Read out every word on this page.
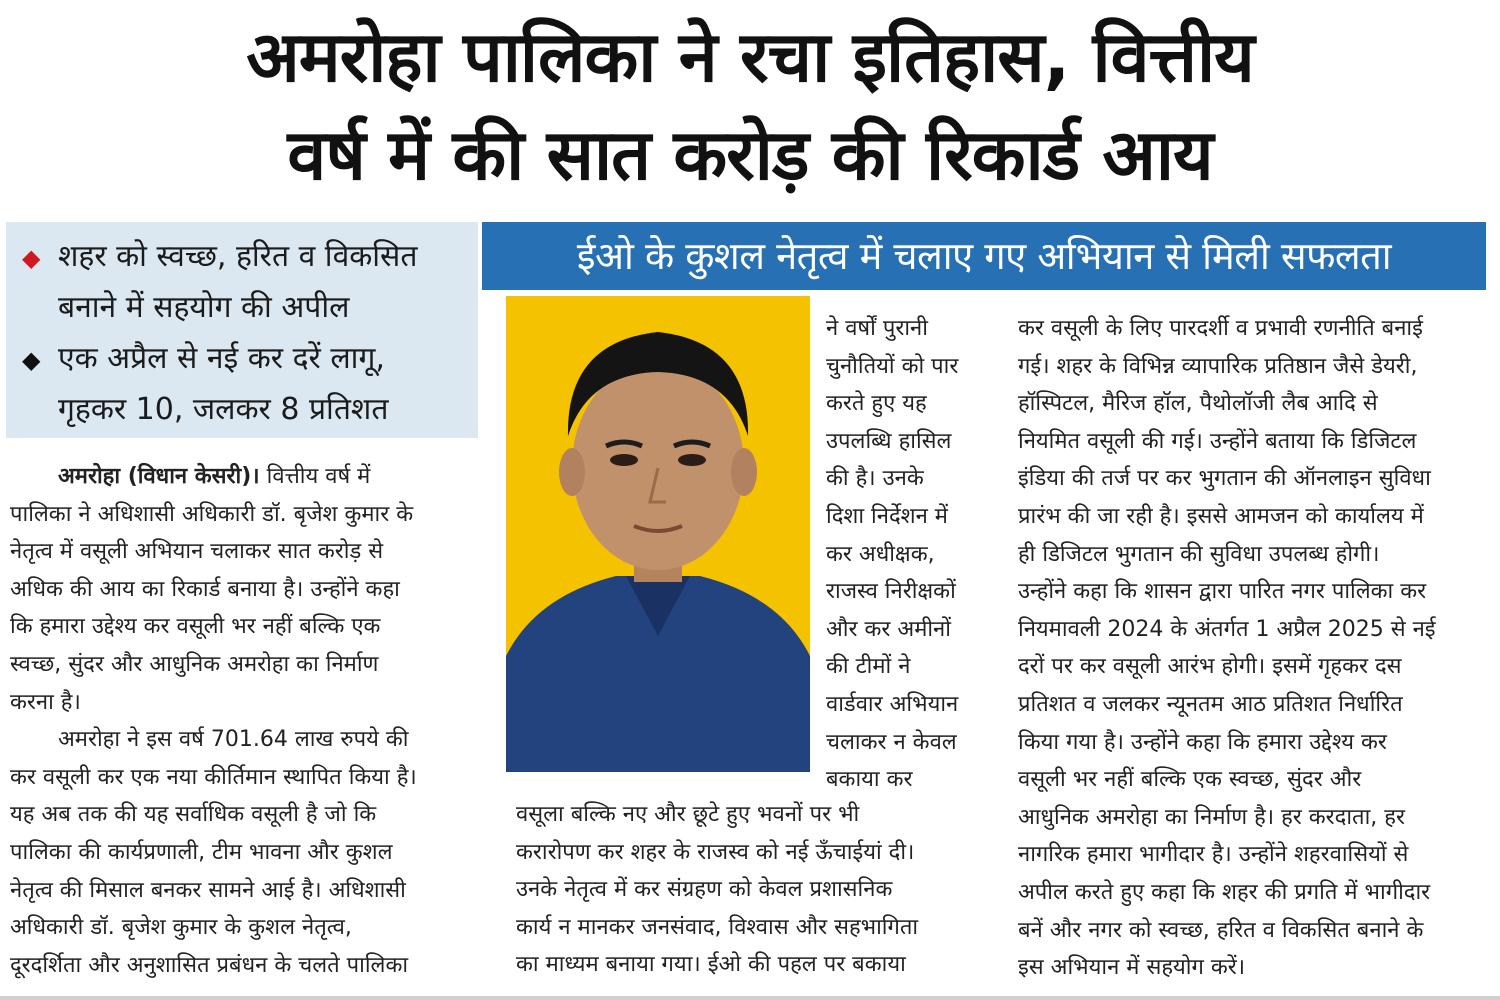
अमरोहा पालिका ने रचा इतिहास, वित्तीय
वर्ष में की सात करोड़ की रिकार्ड आय
◆ शहर को स्वच्छ, हरित व विकसित
बनाने में सहयोग की अपील
◆ एक अप्रैल से नई कर दरें लागू,
गृहकर 10, जलकर 8 प्रतिशत
ईओ के कुशल नेतृत्व में चलाए गए अभियान से मिली सफलता
अमरोहा (विधान केसरी)। वित्तीय वर्ष में
पालिका ने अधिशासी अधिकारी डॉ. बृजेश कुमार के
नेतृत्व में वसूली अभियान चलाकर सात करोड़ से
अधिक की आय का रिकार्ड बनाया है। उन्होंने कहा
कि हमारा उद्देश्य कर वसूली भर नहीं बल्कि एक
स्वच्छ, सुंदर और आधुनिक अमरोहा का निर्माण
करना है।
अमरोहा ने इस वर्ष 701.64 लाख रुपये की
कर वसूली कर एक नया कीर्तिमान स्थापित किया है।
यह अब तक की यह सर्वाधिक वसूली है जो कि
पालिका की कार्यप्रणाली, टीम भावना और कुशल
नेतृत्व की मिसाल बनकर सामने आई है। अधिशासी
अधिकारी डॉ. बृजेश कुमार के कुशल नेतृत्व,
दूरदर्शिता और अनुशासित प्रबंधन के चलते पालिका
ने वर्षों पुरानी
चुनौतियों को पार
करते हुए यह
उपलब्धि हासिल
की है। उनके
दिशा निर्देशन में
कर अधीक्षक,
राजस्व निरीक्षकों
और कर अमीनों
की टीमों ने
वार्डवार अभियान
चलाकर न केवल
बकाया कर
वसूला बल्कि नए और छूटे हुए भवनों पर भी
करारोपण कर शहर के राजस्व को नई ऊँचाईयां दी।
उनके नेतृत्व में कर संग्रहण को केवल प्रशासनिक
कार्य न मानकर जनसंवाद, विश्वास और सहभागिता
का माध्यम बनाया गया। ईओ की पहल पर बकाया
कर वसूली के लिए पारदर्शी व प्रभावी रणनीति बनाई
गई। शहर के विभिन्न व्यापारिक प्रतिष्ठान जैसे डेयरी,
हॉस्पिटल, मैरिज हॉल, पैथोलॉजी लैब आदि से
नियमित वसूली की गई। उन्होंने बताया कि डिजिटल
इंडिया की तर्ज पर कर भुगतान की ऑनलाइन सुविधा
प्रारंभ की जा रही है। इससे आमजन को कार्यालय में
ही डिजिटल भुगतान की सुविधा उपलब्ध होगी।
उन्होंने कहा कि शासन द्वारा पारित नगर पालिका कर
नियमावली 2024 के अंतर्गत 1 अप्रैल 2025 से नई
दरों पर कर वसूली आरंभ होगी। इसमें गृहकर दस
प्रतिशत व जलकर न्यूनतम आठ प्रतिशत निर्धारित
किया गया है। उन्होंने कहा कि हमारा उद्देश्य कर
वसूली भर नहीं बल्कि एक स्वच्छ, सुंदर और
आधुनिक अमरोहा का निर्माण है। हर करदाता, हर
नागरिक हमारा भागीदार है। उन्होंने शहरवासियों से
अपील करते हुए कहा कि शहर की प्रगति में भागीदार
बनें और नगर को स्वच्छ, हरित व विकसित बनाने के
इस अभियान में सहयोग करें।
